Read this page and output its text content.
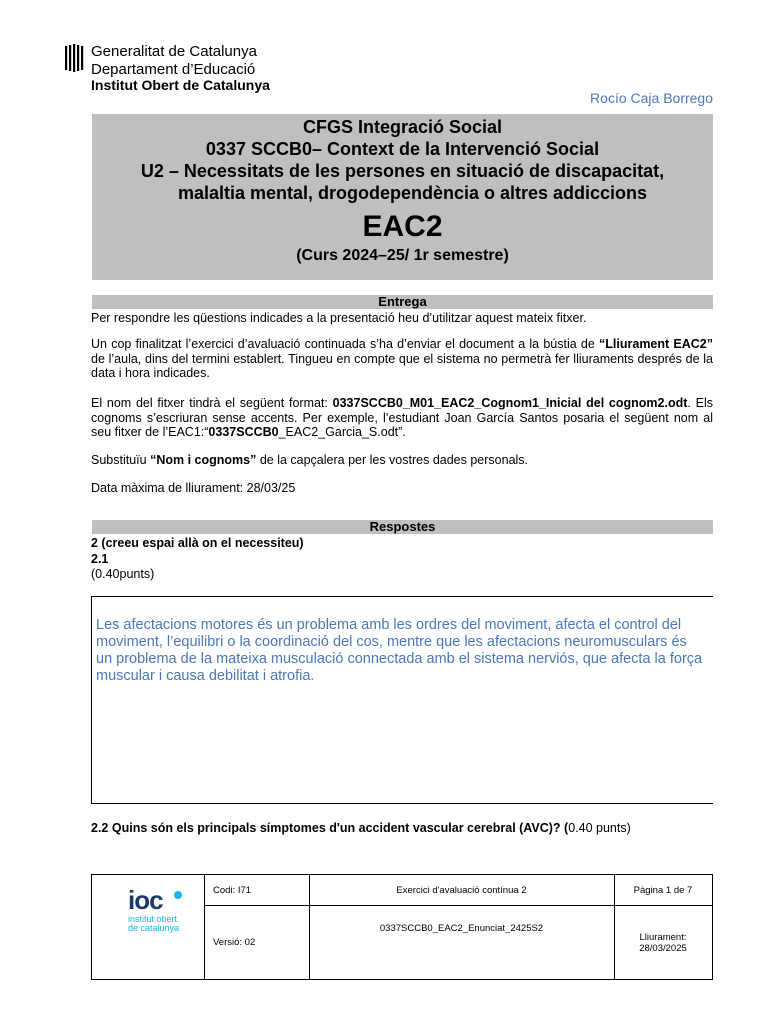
Generalitat de Catalunya
Departament d’Educació
Institut Obert de Catalunya
Rocío Caja Borrego
CFGS Integració Social
0337 SCCB0– Context de la Intervenció Social
U2 – Necessitats de les persones en situació de discapacitat,
malaltia mental, drogodependència o altres addiccions
EAC2
(Curs 2024–25/ 1r semestre)
Entrega
Per respondre les qüestions indicades a la presentació heu d’utilitzar aquest mateix fitxer.
Un cop finalitzat l’exercici d’avaluació continuada s’ha d’enviar el document a la bústia de “Lliurament EAC2” de l’aula, dins del termini establert. Tingueu en compte que el sistema no permetrà fer lliuraments després de la data i hora indicades.
El nom del fitxer tindrà el següent format: 0337SCCB0_M01_EAC2_Cognom1_Inicial del cognom2.odt. Els cognoms s’escriuran sense accents. Per exemple, l’estudiant Joan García Santos posaria el següent nom al seu fitxer de l’EAC1:“0337SCCB0_EAC2_Garcia_S.odt”.
Substituïu “Nom i cognoms” de la capçalera per les vostres dades personals.
Data màxima de lliurament: 28/03/25
Respostes
2 (creeu espai allà on el necessiteu)
2.1
(0.40punts)
Les afectacions motores és un problema amb les ordres del moviment, afecta el control del moviment, l’equilibri o la coordinació del cos, mentre que les afectacions neuromusculars és un problema de la mateixa musculació connectada amb el sistema nerviós, que afecta la força muscular i causa debilitat i atrofia.
2.2 Quins són els principals símptomes d'un accident vascular cerebral (AVC)? (0.40 punts)
ioc
institut obert
de catalunya
Codi: I71	Exercici d'avaluació contínua 2	Pàgina 1 de 7
Versió: 02
0337SCCB0_EAC2_Enunciat_2425S2
Lliurament:
28/03/2025
